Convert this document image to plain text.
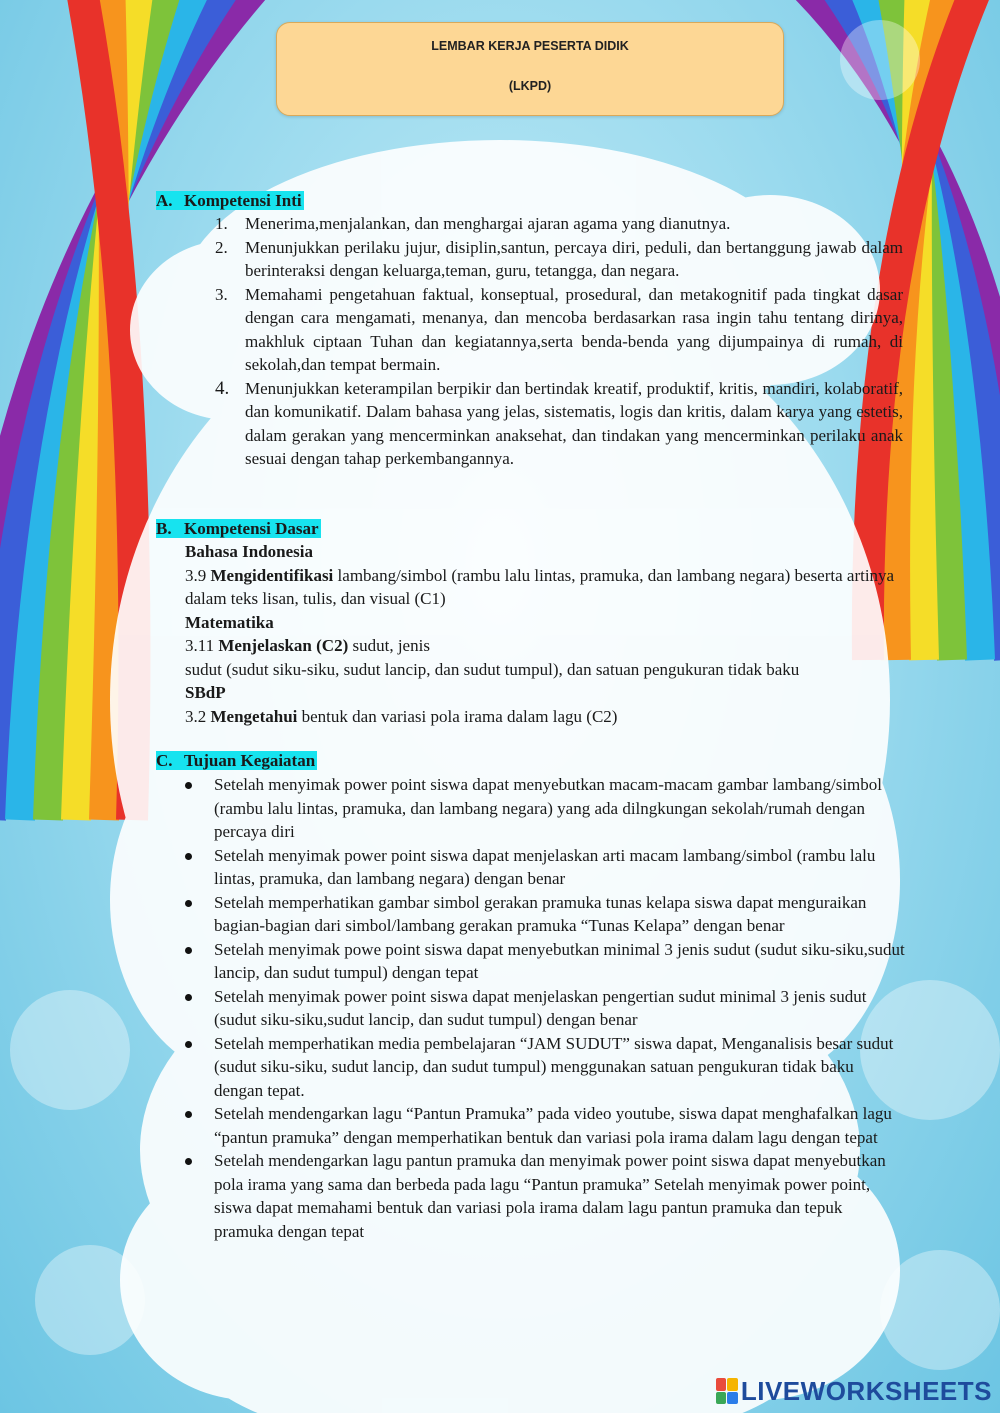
LEMBAR KERJA PESERTA DIDIK
(LKPD)
A. Kompetensi Inti
1. Menerima,menjalankan, dan menghargai ajaran agama yang dianutnya.
2. Menunjukkan perilaku jujur, disiplin,santun, percaya diri, peduli, dan bertanggung jawab dalam berinteraksi dengan keluarga,teman, guru, tetangga, dan negara.
3. Memahami pengetahuan faktual, konseptual, prosedural, dan metakognitif pada tingkat dasar dengan cara mengamati, menanya, dan mencoba berdasarkan rasa ingin tahu tentang dirinya, makhluk ciptaan Tuhan dan kegiatannya,serta benda-benda yang dijumpainya di rumah, di sekolah,dan tempat bermain.
4. Menunjukkan keterampilan berpikir dan bertindak kreatif, produktif, kritis, mandiri, kolaboratif, dan komunikatif. Dalam bahasa yang jelas, sistematis, logis dan kritis, dalam karya yang estetis, dalam gerakan yang mencerminkan anaksehat, dan tindakan yang mencerminkan perilaku anak sesuai dengan tahap perkembangannya.
B. Kompetensi Dasar
Bahasa Indonesia
3.9 Mengidentifikasi lambang/simbol (rambu lalu lintas, pramuka, dan lambang negara) beserta artinya dalam teks lisan, tulis, dan visual (C1)
Matematika
3.11 Menjelaskan (C2) sudut, jenis
sudut (sudut siku-siku, sudut lancip, dan sudut tumpul), dan satuan pengukuran tidak baku
SBdP
3.2 Mengetahui bentuk dan variasi pola irama dalam lagu (C2)
C. Tujuan Kegaiatan
Setelah menyimak power point siswa dapat menyebutkan macam-macam gambar lambang/simbol (rambu lalu lintas, pramuka, dan lambang negara) yang ada dilngkungan sekolah/rumah dengan percaya diri
Setelah menyimak power point siswa dapat menjelaskan arti macam lambang/simbol (rambu lalu lintas, pramuka, dan lambang negara) dengan benar
Setelah memperhatikan gambar simbol gerakan pramuka tunas kelapa siswa dapat menguraikan bagian-bagian dari simbol/lambang gerakan pramuka “Tunas Kelapa” dengan benar
Setelah menyimak powe point siswa dapat menyebutkan minimal 3 jenis sudut (sudut siku-siku,sudut lancip, dan sudut tumpul) dengan tepat
Setelah menyimak power point siswa dapat menjelaskan pengertian sudut minimal 3 jenis sudut (sudut siku-siku,sudut lancip, dan sudut tumpul) dengan benar
Setelah memperhatikan media pembelajaran “JAM SUDUT” siswa dapat, Menganalisis besar sudut (sudut siku-siku, sudut lancip, dan sudut tumpul) menggunakan satuan pengukuran tidak baku dengan tepat.
Setelah mendengarkan lagu “Pantun Pramuka” pada video youtube, siswa dapat menghafalkan lagu “pantun pramuka” dengan memperhatikan bentuk dan variasi pola irama dalam lagu dengan tepat
Setelah mendengarkan lagu pantun pramuka dan menyimak power point siswa dapat menyebutkan pola irama yang sama dan berbeda pada lagu “Pantun pramuka” Setelah menyimak power point, siswa dapat memahami bentuk dan variasi pola irama dalam lagu pantun pramuka dan tepuk pramuka dengan tepat
LIVEWORKSHEETS
